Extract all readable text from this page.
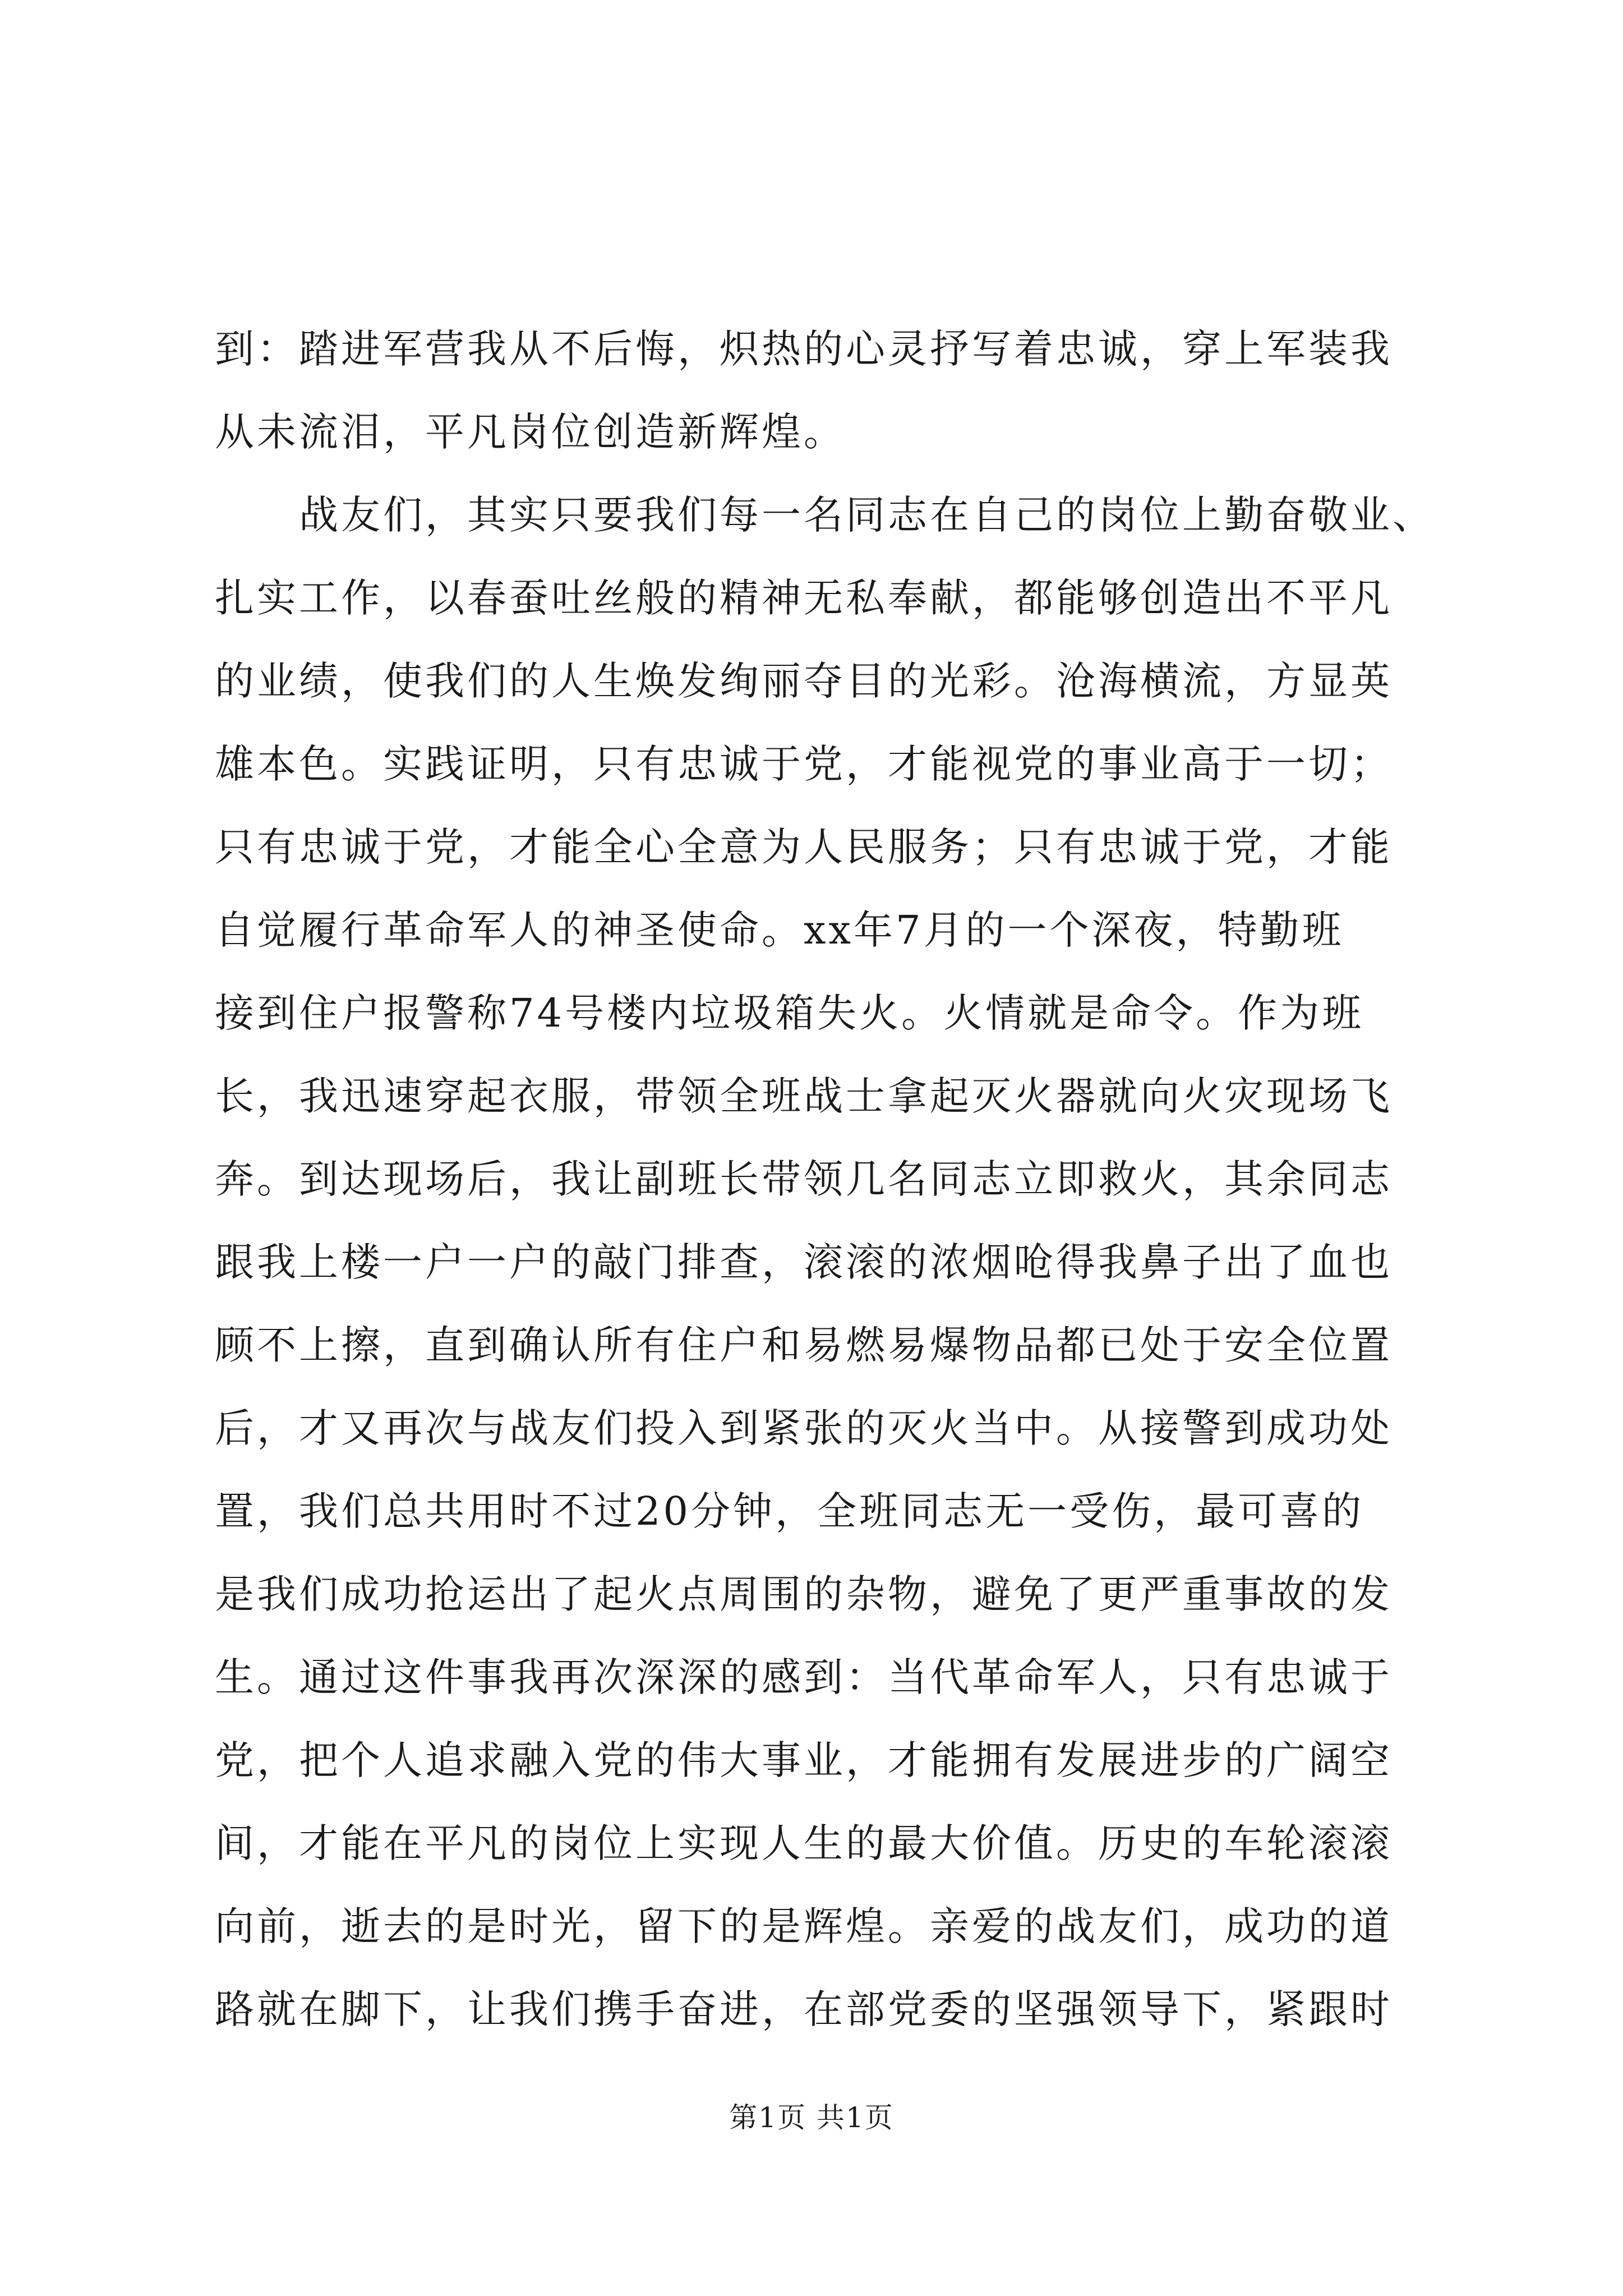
到：踏进军营我从不后悔，炽热的心灵抒写着忠诚，穿上军装我
从未流泪，平凡岗位创造新辉煌。
战友们，其实只要我们每一名同志在自己的岗位上勤奋敬业、
扎实工作，以春蚕吐丝般的精神无私奉献，都能够创造出不平凡
的业绩，使我们的人生焕发绚丽夺目的光彩。沧海横流，方显英
雄本色。实践证明，只有忠诚于党，才能视党的事业高于一切；
只有忠诚于党，才能全心全意为人民服务；只有忠诚于党，才能
自觉履行革命军人的神圣使命。xx年7月的一个深夜，特勤班
接到住户报警称74号楼内垃圾箱失火。火情就是命令。作为班
长，我迅速穿起衣服，带领全班战士拿起灭火器就向火灾现场飞
奔。到达现场后，我让副班长带领几名同志立即救火，其余同志
跟我上楼一户一户的敲门排查，滚滚的浓烟呛得我鼻子出了血也
顾不上擦，直到确认所有住户和易燃易爆物品都已处于安全位置
后，才又再次与战友们投入到紧张的灭火当中。从接警到成功处
置，我们总共用时不过20分钟，全班同志无一受伤，最可喜的
是我们成功抢运出了起火点周围的杂物，避免了更严重事故的发
生。通过这件事我再次深深的感到：当代革命军人，只有忠诚于
党，把个人追求融入党的伟大事业，才能拥有发展进步的广阔空
间，才能在平凡的岗位上实现人生的最大价值。历史的车轮滚滚
向前，逝去的是时光，留下的是辉煌。亲爱的战友们，成功的道
路就在脚下，让我们携手奋进，在部党委的坚强领导下，紧跟时
第1页 共1页
